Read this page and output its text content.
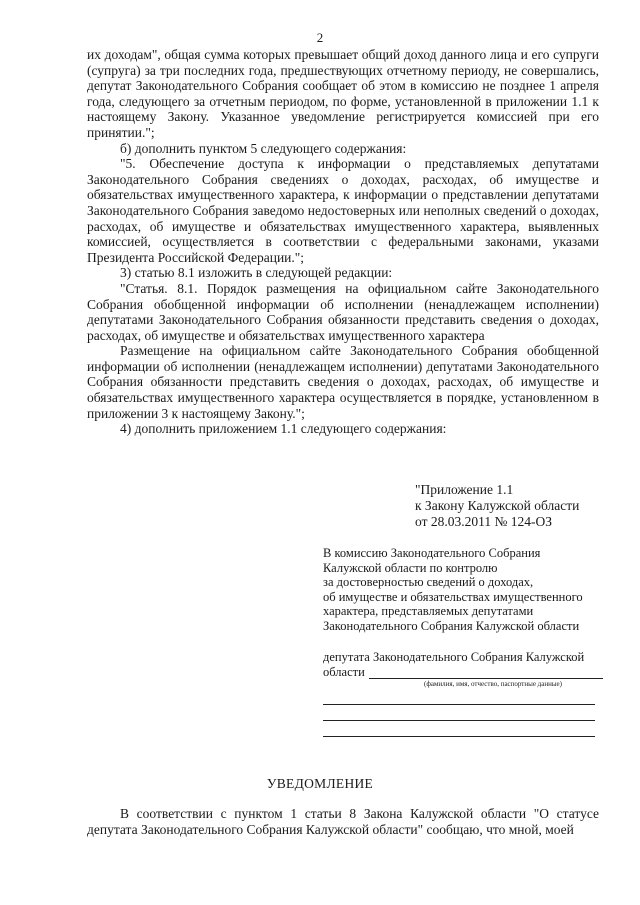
2

их доходам", общая сумма которых превышает общий доход данного лица и его супруги (супруга) за три последних года, предшествующих отчетному периоду, не совершались, депутат Законодательного Собрания сообщает об этом в комиссию не позднее 1 апреля года, следующего за отчетным периодом, по форме, установленной в приложении 1.1 к настоящему Закону. Указанное уведомление регистрируется комиссией при его принятии.";

б) дополнить пунктом 5 следующего содержания:

"5. Обеспечение доступа к информации о представляемых депутатами Законодательного Собрания сведениях о доходах, расходах, об имуществе и обязательствах имущественного характера, к информации о представлении депутатами Законодательного Собрания заведомо недостоверных или неполных сведений о доходах, расходах, об имуществе и обязательствах имущественного характера, выявленных комиссией, осуществляется в соответствии с федеральными законами, указами Президента Российской Федерации.";

3) статью 8.1 изложить в следующей редакции:

"Статья. 8.1. Порядок размещения на официальном сайте Законодательного Собрания обобщенной информации об исполнении (ненадлежащем исполнении) депутатами Законодательного Собрания обязанности представить сведения о доходах, расходах, об имуществе и обязательствах имущественного характера

Размещение на официальном сайте Законодательного Собрания обобщенной информации об исполнении (ненадлежащем исполнении) депутатами Законодательного Собрания обязанности представить сведения о доходах, расходах, об имуществе и обязательствах имущественного характера осуществляется в порядке, установленном в приложении 3 к настоящему Закону.";

4) дополнить приложением 1.1 следующего содержания:

"Приложение 1.1
к Закону Калужской области
от 28.03.2011 № 124-ОЗ
В комиссию Законодательного Собрания
Калужской области по контролю
за достоверностью сведений о доходах,
об имуществе и обязательствах имущественного
характера, представляемых депутатами
Законодательного Собрания Калужской области
депутата Законодательного Собрания Калужской
области
(фамилия, имя, отчество, паспортные данные)
УВЕДОМЛЕНИЕ

В соответствии с пунктом 1 статьи 8 Закона Калужской области "О статусе депутата Законодательного Собрания Калужской области" сообщаю, что мной, моей
